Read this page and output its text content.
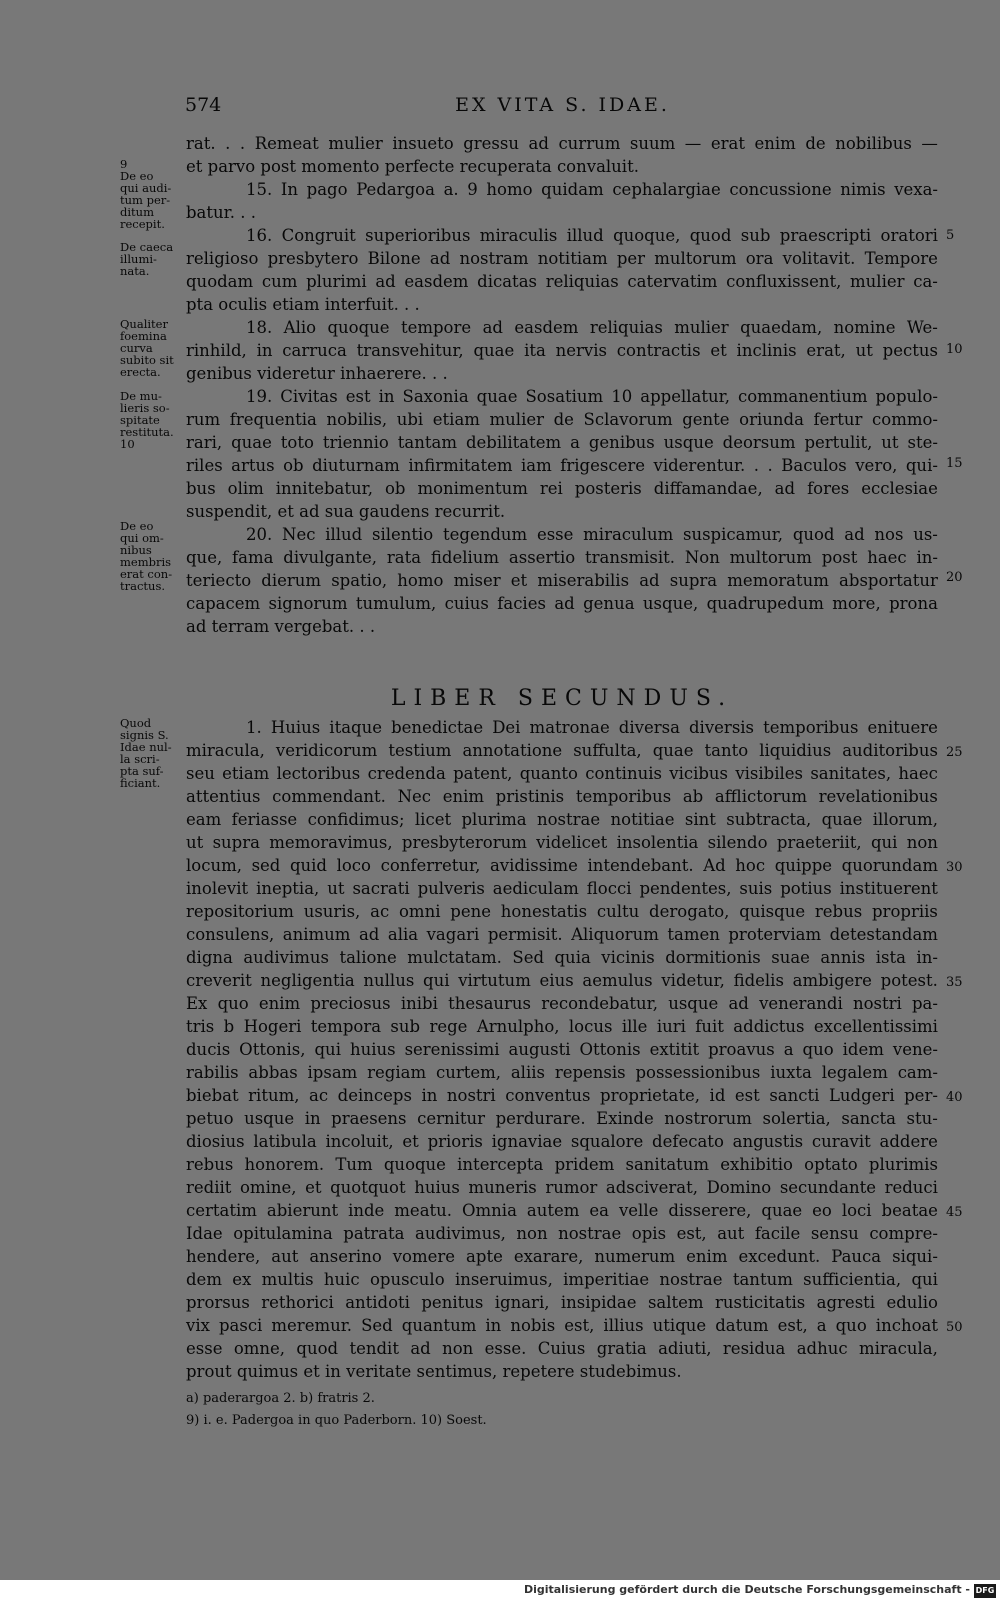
574	EX VITA S. IDAE.
rat. . . Remeat mulier insueto gressu ad currum suum — erat enim de nobilibus —
et parvo post momento perfecte recuperata convaluit.
15. In pago Pedargoa a. 9 homo quidam cephalargiae concussione nimis vexa-
batur. . .
16. Congruit superioribus miraculis illud quoque, quod sub praescripti oratori
religioso presbytero Bilone ad nostram notitiam per multorum ora volitavit. Tempore
quodam cum plurimi ad easdem dicatas reliquias catervatim confluxissent, mulier ca-
pta oculis etiam interfuit. . .
18. Alio quoque tempore ad easdem reliquias mulier quaedam, nomine We-
rinhild, in carruca transvehitur, quae ita nervis contractis et inclinis erat, ut pectus
genibus videretur inhaerere. . .
19. Civitas est in Saxonia quae Sosatium 10 appellatur, commanentium populo-
rum frequentia nobilis, ubi etiam mulier de Sclavorum gente oriunda fertur commo-
rari, quae toto triennio tantam debilitatem a genibus usque deorsum pertulit, ut ste-
riles artus ob diuturnam infirmitatem iam frigescere viderentur. . . Baculos vero, qui-
bus olim innitebatur, ob monimentum rei posteris diffamandae, ad fores ecclesiae
suspendit, et ad sua gaudens recurrit.
20. Nec illud silentio tegendum esse miraculum suspicamur, quod ad nos us-
que, fama divulgante, rata fidelium assertio transmisit. Non multorum post haec in-
teriecto dierum spatio, homo miser et miserabilis ad supra memoratum absportatur
capacem signorum tumulum, cuius facies ad genua usque, quadrupedum more, prona
ad terram vergebat. . .
LIBER SECUNDUS.
1. Huius itaque benedictae Dei matronae diversa diversis temporibus enituere
miracula, veridicorum testium annotatione suffulta, quae tanto liquidius auditoribus
seu etiam lectoribus credenda patent, quanto continuis vicibus visibiles sanitates, haec
attentius commendant. Nec enim pristinis temporibus ab afflictorum revelationibus
eam feriasse confidimus; licet plurima nostrae notitiae sint subtracta, quae illorum,
ut supra memoravimus, presbyterorum videlicet insolentia silendo praeteriit, qui non
locum, sed quid loco conferretur, avidissime intendebant. Ad hoc quippe quorundam
inolevit ineptia, ut sacrati pulveris aediculam flocci pendentes, suis potius instituerent
repositorium usuris, ac omni pene honestatis cultu derogato, quisque rebus propriis
consulens, animum ad alia vagari permisit. Aliquorum tamen proterviam detestandam
digna audivimus talione mulctatam. Sed quia vicinis dormitionis suae annis ista in-
creverit negligentia nullus qui virtutum eius aemulus videtur, fidelis ambigere potest.
Ex quo enim preciosus inibi thesaurus recondebatur, usque ad venerandi nostri pa-
tris b Hogeri tempora sub rege Arnulpho, locus ille iuri fuit addictus excellentissimi
ducis Ottonis, qui huius serenissimi augusti Ottonis extitit proavus a quo idem vene-
rabilis abbas ipsam regiam curtem, aliis repensis possessionibus iuxta legalem cam-
biebat ritum, ac deinceps in nostri conventus proprietate, id est sancti Ludgeri per-
petuo usque in praesens cernitur perdurare. Exinde nostrorum solertia, sancta stu-
diosius latibula incoluit, et prioris ignaviae squalore defecato angustis curavit addere
rebus honorem. Tum quoque intercepta pridem sanitatum exhibitio optato plurimis
rediit omine, et quotquot huius muneris rumor adsciverat, Domino secundante reduci
certatim abierunt inde meatu. Omnia autem ea velle disserere, quae eo loci beatae
Idae opitulamina patrata audivimus, non nostrae opis est, aut facile sensu compre-
hendere, aut anserino vomere apte exarare, numerum enim excedunt. Pauca siqui-
dem ex multis huic opusculo inseruimus, imperitiae nostrae tantum sufficientia, qui
prorsus rethorici antidoti penitus ignari, insipidae saltem rusticitatis agresti edulio
vix pasci meremur. Sed quantum in nobis est, illius utique datum est, a quo inchoat
esse omne, quod tendit ad non esse. Cuius gratia adiuti, residua adhuc miracula,
prout quimus et in veritate sentimus, repetere studebimus.
9
De eo
qui audi-
tum per-
ditum
recepit.
De caeca
illumi-
nata.
Qualiter
foemina
curva
subito sit
erecta.
De mu-
lieris so-
spitate
restituta.
10
De eo
qui om-
nibus
membris
erat con-
tractus.
Quod
signis S.
Idae nul-
la scri-
pta suf-
ficiant.
5
10
15
20
25
30
35
40
45
50
a) paderargoa 2. b) fratris 2.
9) i. e. Padergoa in quo Paderborn. 10) Soest.
Digitalisierung gefördert durch die Deutsche Forschungsgemeinschaft - DFG
